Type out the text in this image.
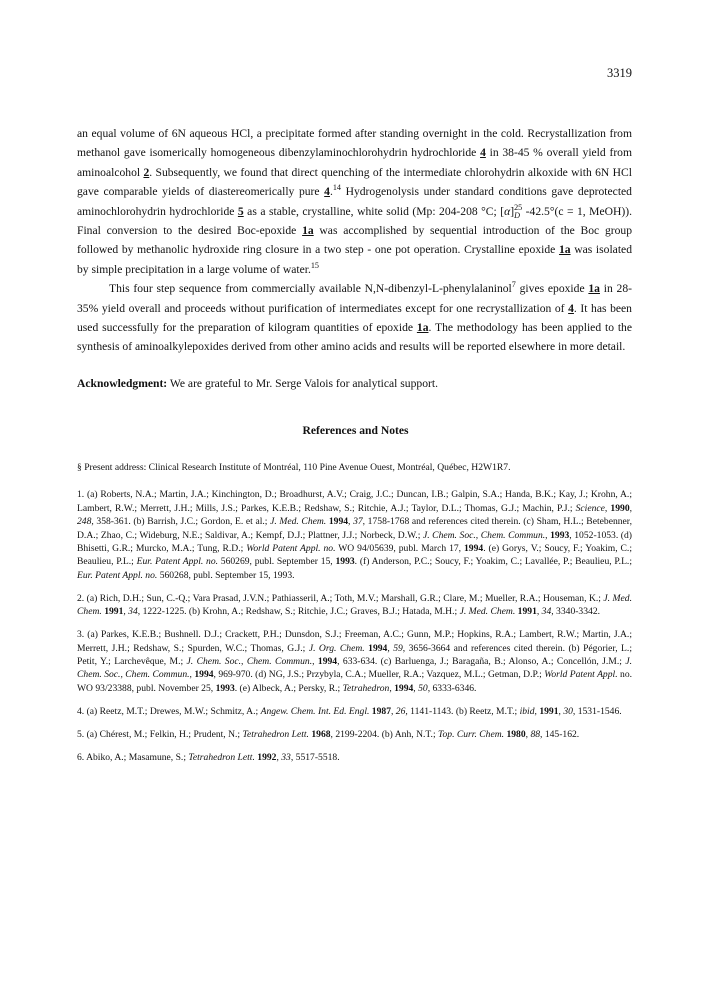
3319

an equal volume of 6N aqueous HCl, a precipitate formed after standing overnight in the cold. Recrystallization from methanol gave isomerically homogeneous dibenzylaminochlorohydrin hydrochloride 4 in 38-45 % overall yield from aminoalcohol 2. Subsequently, we found that direct quenching of the intermediate chlorohydrin alkoxide with 6N HCl gave comparable yields of diastereomerically pure 4.14 Hydrogenolysis under standard conditions gave deprotected aminochlorohydrin hydrochloride 5 as a stable, crystalline, white solid (Mp: 204-208 °C; [α] 25
D -42.5°(c = 1, MeOH)). Final conversion to the desired Boc-epoxide 1a was accomplished by sequential introduction of the Boc group followed by methanolic hydroxide ring closure in a two step - one pot operation. Crystalline epoxide 1a was isolated by simple precipitation in a large volume of water.$^{15}$

This four step sequence from commercially available N,N-dibenzyl-L-phenylalaninol$^7$ gives epoxide 1a in 28-35% yield overall and proceeds without purification of intermediates except for one recrystallization of 4. It has been used successfully for the preparation of kilogram quantities of epoxide 1a. The methodology has been applied to the synthesis of aminoalkylepoxides derived from other amino acids and results will be reported elsewhere in more detail.

Acknowledgment: We are grateful to Mr. Serge Valois for analytical support.
References and Notes

§ Present address: Clinical Research Institute of Montréal, 110 Pine Avenue Ouest, Montréal, Québec, H2W1R7.

1. (a) Roberts, N.A.; Martin, J.A.; Kinchington, D.; Broadhurst, A.V.; Craig, J.C.; Duncan, I.B.; Galpin, S.A.; Handa, B.K.; Kay, J.; Krohn, A.; Lambert, R.W.; Merrett, J.H.; Mills, J.S.; Parkes, K.E.B.; Redshaw, S.; Ritchie, A.J.; Taylor, D.L.; Thomas, G.J.; Machin, P.J.; Science, 1990, 248, 358-361. (b) Barrish, J.C.; Gordon, E. et al.; J. Med. Chem. 1994, 37, 1758-1768 and references cited therein. (c) Sham, H.L.; Betebenner, D.A.; Zhao, C.; Wideburg, N.E.; Saldivar, A.; Kempf, D.J.; Plattner, J.J.; Norbeck, D.W.; J. Chem. Soc., Chem. Commun., 1993, 1052-1053. (d) Bhisetti, G.R.; Murcko, M.A.; Tung, R.D.; World Patent Appl. no. WO 94/05639, publ. March 17, 1994. (e) Gorys, V.; Soucy, F.; Yoakim, C.; Beaulieu, P.L.; Eur. Patent Appl. no. 560269, publ. September 15, 1993. (f) Anderson, P.C.; Soucy, F.; Yoakim, C.; Lavallée, P.; Beaulieu, P.L.; Eur. Patent Appl. no. 560268, publ. September 15, 1993.

2. (a) Rich, D.H.; Sun, C.-Q.; Vara Prasad, J.V.N.; Pathiasseril, A.; Toth, M.V.; Marshall, G.R.; Clare, M.; Mueller, R.A.; Houseman, K.; J. Med. Chem. 1991, 34, 1222-1225. (b) Krohn, A.; Redshaw, S.; Ritchie, J.C.; Graves, B.J.; Hatada, M.H.; J. Med. Chem. 1991, 34, 3340-3342.

3. (a) Parkes, K.E.B.; Bushnell. D.J.; Crackett, P.H.; Dunsdon, S.J.; Freeman, A.C.; Gunn, M.P.; Hopkins, R.A.; Lambert, R.W.; Martin, J.A.; Merrett, J.H.; Redshaw, S.; Spurden, W.C.; Thomas, G.J.; J. Org. Chem. 1994, 59, 3656-3664 and references cited therein. (b) Pégorier, L.; Petit, Y.; Larchevêque, M.; J. Chem. Soc., Chem. Commun., 1994, 633-634. (c) Barluenga, J.; Baragaña, B.; Alonso, A.; Concellón, J.M.; J. Chem. Soc., Chem. Commun., 1994, 969-970. (d) NG, J.S.; Przybyla, C.A.; Mueller, R.A.; Vazquez, M.L.; Getman, D.P.; World Patent Appl. no. WO 93/23388, publ. November 25, 1993. (e) Albeck, A.; Persky, R.; Tetrahedron, 1994, 50, 6333-6346.

4. (a) Reetz, M.T.; Drewes, M.W.; Schmitz, A.; Angew. Chem. Int. Ed. Engl. 1987, 26, 1141-1143. (b) Reetz, M.T.; ibid, 1991, 30, 1531-1546.

5. (a) Chérest, M.; Felkin, H.; Prudent, N.; Tetrahedron Lett. 1968, 2199-2204. (b) Anh, N.T.; Top. Curr. Chem. 1980, 88, 145-162.

6. Abiko, A.; Masamune, S.; Tetrahedron Lett. 1992, 33, 5517-5518.
